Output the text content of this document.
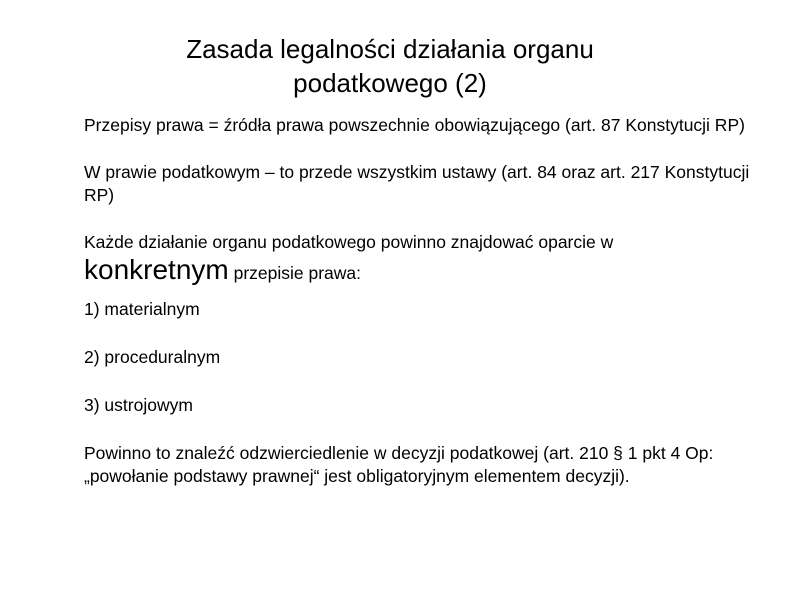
Zasada legalności działania organu
podatkowego (2)

Przepisy prawa = źródła prawa powszechnie obowiązującego (art. 87 Konstytucji RP)

W prawie podatkowym – to przede wszystkim ustawy (art. 84 oraz art. 217 Konstytucji RP)

Każde działanie organu podatkowego powinno znajdować oparcie w
konkretnym przepisie prawa:

1) materialnym

2) proceduralnym

3) ustrojowym

Powinno to znaleźć odzwierciedlenie w decyzji podatkowej (art. 210 § 1 pkt 4 Op: „powołanie podstawy prawnej“ jest obligatoryjnym elementem decyzji).
